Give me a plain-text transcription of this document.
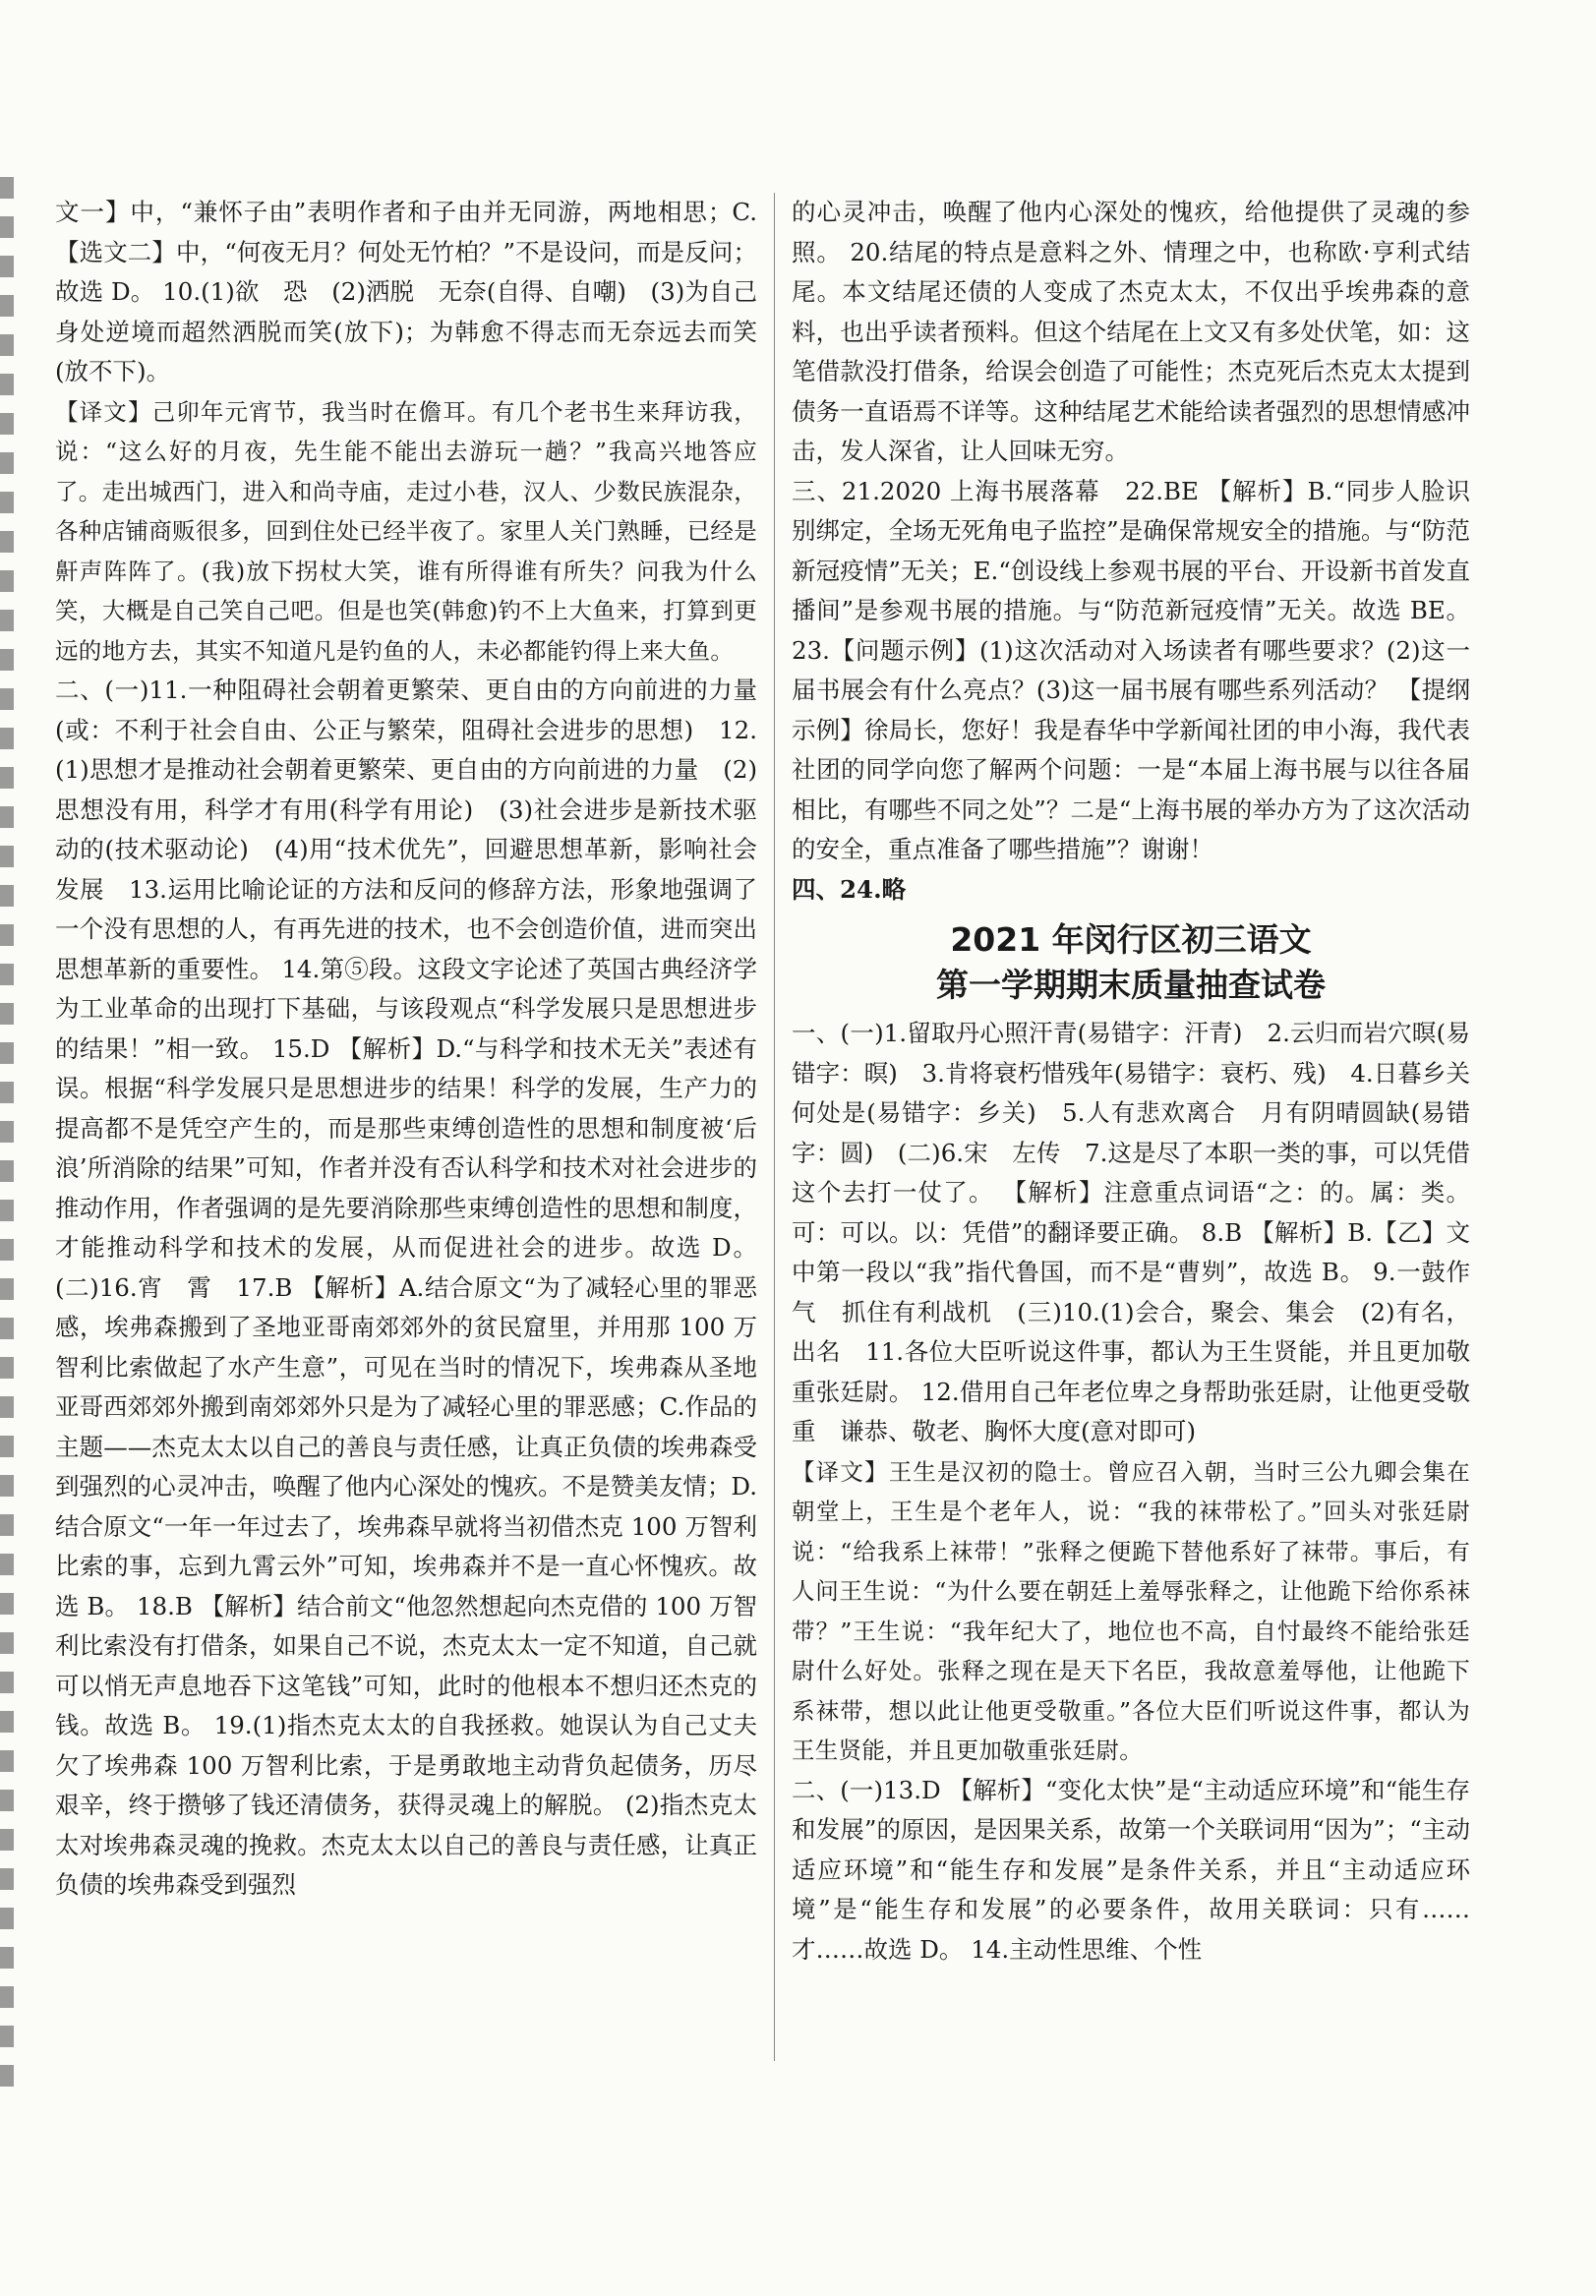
文一】中，“兼怀子由”表明作者和子由并无同游，两地相思；C.【选文二】中，“何夜无月？何处无竹柏？”不是设问，而是反问；故选 D。 10.(1)欲　恐　(2)洒脱　无奈(自得、自嘲)　(3)为自己身处逆境而超然洒脱而笑(放下)；为韩愈不得志而无奈远去而笑(放不下)。

【译文】己卯年元宵节，我当时在儋耳。有几个老书生来拜访我，说：“这么好的月夜，先生能不能出去游玩一趟？”我高兴地答应了。走出城西门，进入和尚寺庙，走过小巷，汉人、少数民族混杂，各种店铺商贩很多，回到住处已经半夜了。家里人关门熟睡，已经是鼾声阵阵了。(我)放下拐杖大笑，谁有所得谁有所失？问我为什么笑，大概是自己笑自己吧。但是也笑(韩愈)钓不上大鱼来，打算到更远的地方去，其实不知道凡是钓鱼的人，未必都能钓得上来大鱼。

二、(一)11.一种阻碍社会朝着更繁荣、更自由的方向前进的力量(或：不利于社会自由、公正与繁荣，阻碍社会进步的思想)　12.(1)思想才是推动社会朝着更繁荣、更自由的方向前进的力量　(2)思想没有用，科学才有用(科学有用论)　(3)社会进步是新技术驱动的(技术驱动论)　(4)用“技术优先”，回避思想革新，影响社会发展　13.运用比喻论证的方法和反问的修辞方法，形象地强调了一个没有思想的人，有再先进的技术，也不会创造价值，进而突出思想革新的重要性。 14.第⑤段。这段文字论述了英国古典经济学为工业革命的出现打下基础，与该段观点“科学发展只是思想进步的结果！”相一致。 15.D 【解析】D.“与科学和技术无关”表述有误。根据“科学发展只是思想进步的结果！科学的发展，生产力的提高都不是凭空产生的，而是那些束缚创造性的思想和制度被‘后浪’所消除的结果”可知，作者并没有否认科学和技术对社会进步的推动作用，作者强调的是先要消除那些束缚创造性的思想和制度，才能推动科学和技术的发展，从而促进社会的进步。故选 D。 (二)16.宵　霄　17.B 【解析】A.结合原文“为了减轻心里的罪恶感，埃弗森搬到了圣地亚哥南郊郊外的贫民窟里，并用那 100 万智利比索做起了水产生意”，可见在当时的情况下，埃弗森从圣地亚哥西郊郊外搬到南郊郊外只是为了减轻心里的罪恶感；C.作品的主题——杰克太太以自己的善良与责任感，让真正负债的埃弗森受到强烈的心灵冲击，唤醒了他内心深处的愧疚。不是赞美友情；D.结合原文“一年一年过去了，埃弗森早就将当初借杰克 100 万智利比索的事，忘到九霄云外”可知，埃弗森并不是一直心怀愧疚。故选 B。 18.B 【解析】结合前文“他忽然想起向杰克借的 100 万智利比索没有打借条，如果自己不说，杰克太太一定不知道，自己就可以悄无声息地吞下这笔钱”可知，此时的他根本不想归还杰克的钱。故选 B。 19.(1)指杰克太太的自我拯救。她误认为自己丈夫欠了埃弗森 100 万智利比索，于是勇敢地主动背负起债务，历尽艰辛，终于攒够了钱还清债务，获得灵魂上的解脱。 (2)指杰克太太对埃弗森灵魂的挽救。杰克太太以自己的善良与责任感，让真正负债的埃弗森受到强烈

的心灵冲击，唤醒了他内心深处的愧疚，给他提供了灵魂的参照。 20.结尾的特点是意料之外、情理之中，也称欧·亨利式结尾。本文结尾还债的人变成了杰克太太，不仅出乎埃弗森的意料，也出乎读者预料。但这个结尾在上文又有多处伏笔，如：这笔借款没打借条，给误会创造了可能性；杰克死后杰克太太提到债务一直语焉不详等。这种结尾艺术能给读者强烈的思想情感冲击，发人深省，让人回味无穷。

三、21.2020 上海书展落幕　22.BE 【解析】B.“同步人脸识别绑定，全场无死角电子监控”是确保常规安全的措施。与“防范新冠疫情”无关；E.“创设线上参观书展的平台、开设新书首发直播间”是参观书展的措施。与“防范新冠疫情”无关。故选 BE。 23.【问题示例】(1)这次活动对入场读者有哪些要求？(2)这一届书展会有什么亮点？(3)这一届书展有哪些系列活动？ 【提纲示例】徐局长，您好！我是春华中学新闻社团的申小海，我代表社团的同学向您了解两个问题：一是“本届上海书展与以往各届相比，有哪些不同之处”？二是“上海书展的举办方为了这次活动的安全，重点准备了哪些措施”？谢谢！

四、24.略

2021 年闵行区初三语文
第一学期期末质量抽查试卷

一、(一)1.留取丹心照汗青(易错字：汗青)　2.云归而岩穴暝(易错字：暝)　3.肯将衰朽惜残年(易错字：衰朽、残)　4.日暮乡关何处是(易错字：乡关)　5.人有悲欢离合　月有阴晴圆缺(易错字：圆)　(二)6.宋　左传　7.这是尽了本职一类的事，可以凭借这个去打一仗了。 【解析】注意重点词语“之：的。属：类。可：可以。以：凭借”的翻译要正确。 8.B 【解析】B.【乙】文中第一段以“我”指代鲁国，而不是“曹刿”，故选 B。 9.一鼓作气　抓住有利战机　(三)10.(1)会合，聚会、集会　(2)有名，出名　11.各位大臣听说这件事，都认为王生贤能，并且更加敬重张廷尉。 12.借用自己年老位卑之身帮助张廷尉，让他更受敬重　谦恭、敬老、胸怀大度(意对即可)

【译文】王生是汉初的隐士。曾应召入朝，当时三公九卿会集在朝堂上，王生是个老年人，说：“我的袜带松了。”回头对张廷尉说：“给我系上袜带！”张释之便跪下替他系好了袜带。事后，有人问王生说：“为什么要在朝廷上羞辱张释之，让他跪下给你系袜带？”王生说：“我年纪大了，地位也不高，自忖最终不能给张廷尉什么好处。张释之现在是天下名臣，我故意羞辱他，让他跪下系袜带，想以此让他更受敬重。”各位大臣们听说这件事，都认为王生贤能，并且更加敬重张廷尉。

二、(一)13.D 【解析】“变化太快”是“主动适应环境”和“能生存和发展”的原因，是因果关系，故第一个关联词用“因为”；“主动适应环境”和“能生存和发展”是条件关系，并且“主动适应环境”是“能生存和发展”的必要条件，故用关联词：只有……才……故选 D。 14.主动性思维、个性
